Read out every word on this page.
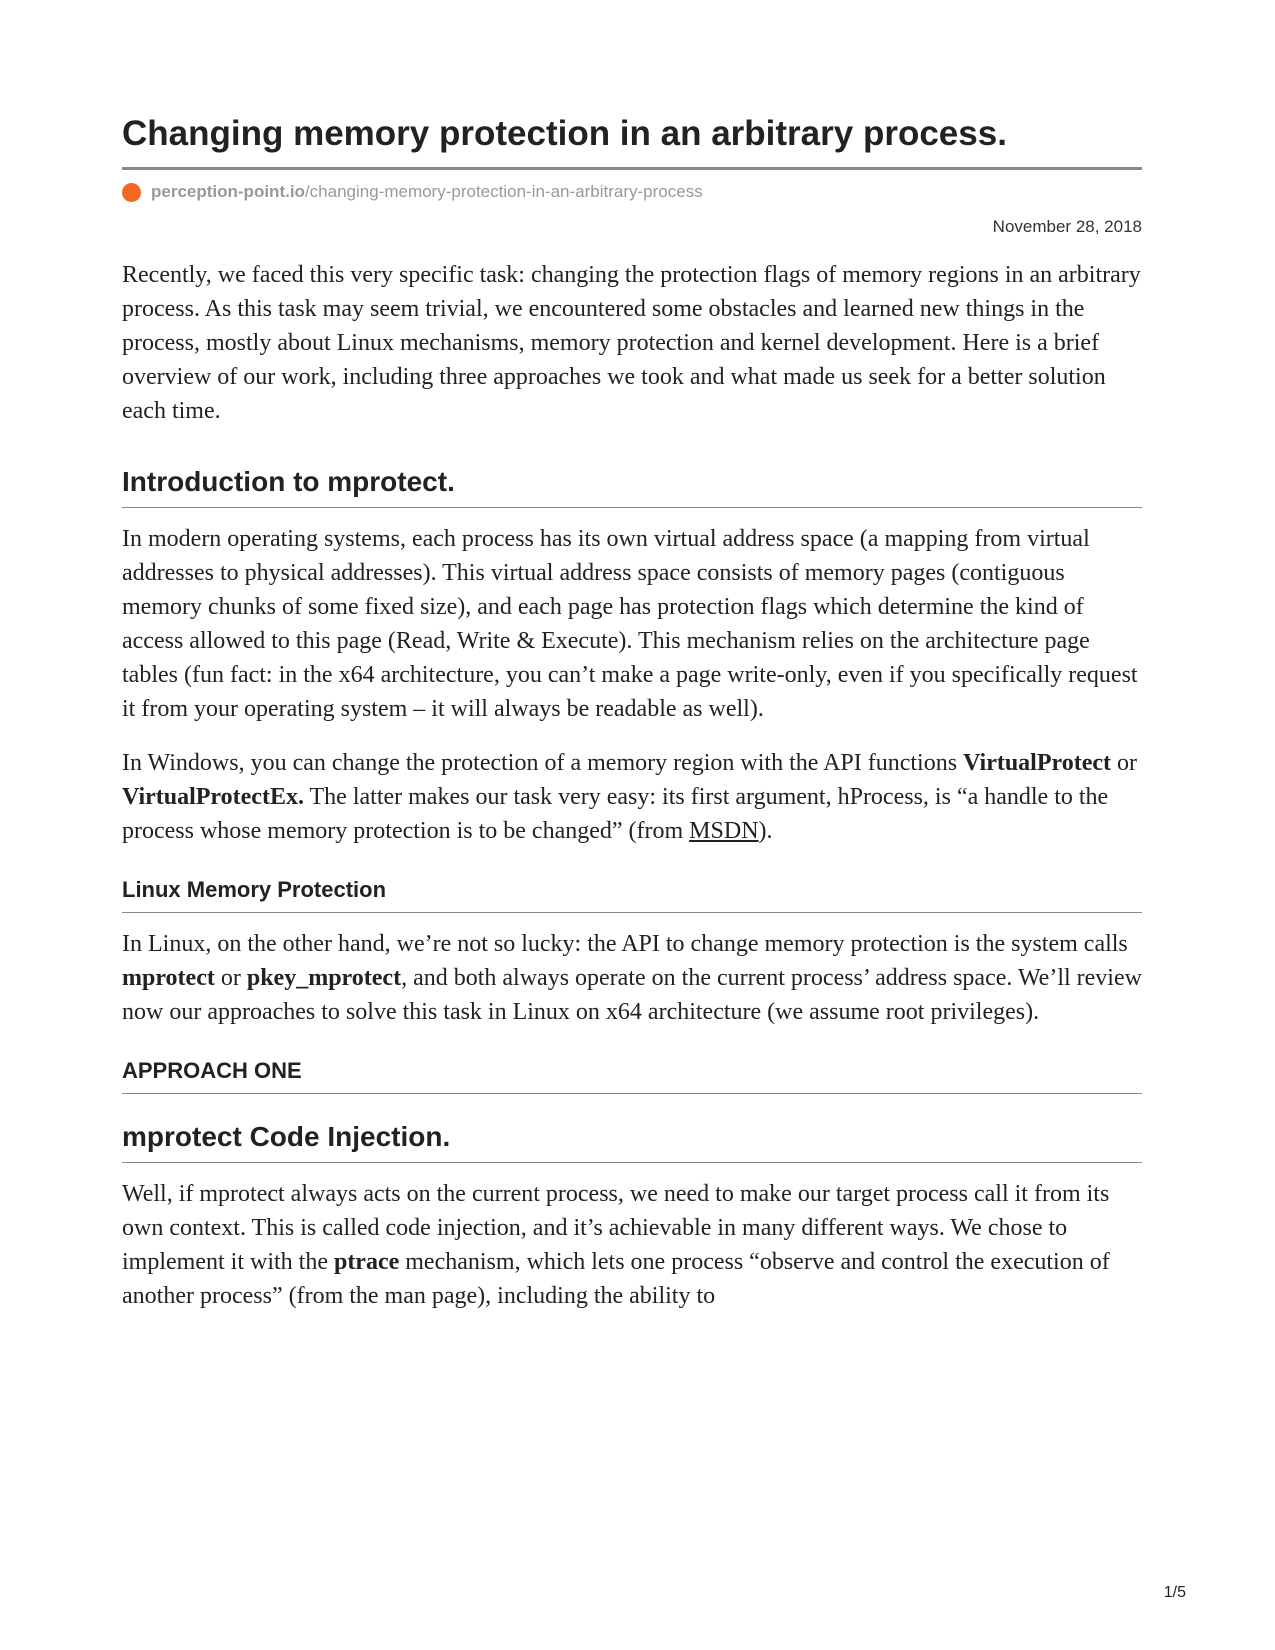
Changing memory protection in an arbitrary process.
perception-point.io/changing-memory-protection-in-an-arbitrary-process
November 28, 2018

Recently, we faced this very specific task: changing the protection flags of memory regions in an arbitrary process. As this task may seem trivial, we encountered some obstacles and learned new things in the process, mostly about Linux mechanisms, memory protection and kernel development. Here is a brief overview of our work, including three approaches we took and what made us seek for a better solution each time.

Introduction to mprotect.

In modern operating systems, each process has its own virtual address space (a mapping from virtual addresses to physical addresses). This virtual address space consists of memory pages (contiguous memory chunks of some fixed size), and each page has protection flags which determine the kind of access allowed to this page (Read, Write & Execute). This mechanism relies on the architecture page tables (fun fact: in the x64 architecture, you can’t make a page write-only, even if you specifically request it from your operating system – it will always be readable as well).

In Windows, you can change the protection of a memory region with the API functions VirtualProtect or VirtualProtectEx. The latter makes our task very easy: its first argument, hProcess, is “a handle to the process whose memory protection is to be changed” (from MSDN).

Linux Memory Protection

In Linux, on the other hand, we’re not so lucky: the API to change memory protection is the system calls mprotect or pkey_mprotect, and both always operate on the current process’ address space. We’ll review now our approaches to solve this task in Linux on x64 architecture (we assume root privileges).

APPROACH ONE
mprotect Code Injection.

Well, if mprotect always acts on the current process, we need to make our target process call it from its own context. This is called code injection, and it’s achievable in many different ways. We chose to implement it with the ptrace mechanism, which lets one process “observe and control the execution of another process” (from the man page), including the ability to

1/5
